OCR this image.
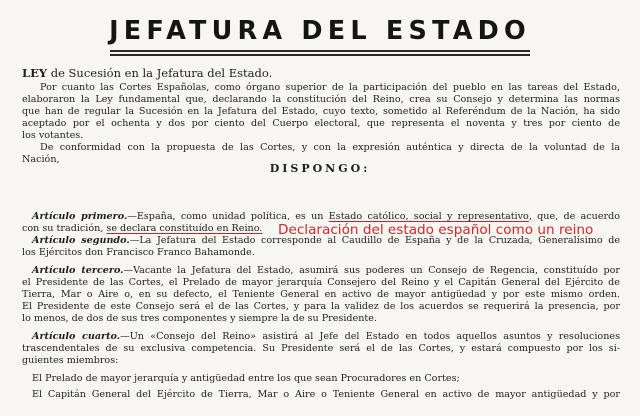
JEFATURA DEL ESTADO
LEY de Sucesión en la Jefatura del Estado.
Por cuanto las Cortes Españolas, como órgano superior de la participación del pueblo en las tareas del Estado,
elaboraron la Ley fundamental que, declarando la constitución del Reino, crea su Consejo y determina las normas
que han de regular la Sucesión en la Jefatura del Estado, cuyo texto, sometido al Referéndum de la Nación, ha sido
aceptado por el ochenta y dos por ciento del Cuerpo electoral, que representa el noventa y tres por ciento de
los votantes.
De conformidad con la propuesta de las Cortes, y con la expresión auténtica y directa de la voluntad de la
Nación,
DISPONGO:
Artículo primero.—España, como unidad política, es un Estado católico, social y representativo, que, de acuerdo
con su tradición, se declara constituído en Reino. Declaración del estado español como un reino
Artículo segundo.—La Jefatura del Estado corresponde al Caudillo de España y de la Cruzada, Generalísimo de
los Ejércitos don Francisco Franco Bahamonde.
Artículo tercero.—Vacante la Jefatura del Estado, asumirá sus poderes un Consejo de Regencia, constituído por
el Presidente de las Cortes, el Prelado de mayor jerarquía Consejero del Reino y el Capitán General del Ejército de
Tierra, Mar o Aire o, en su defecto, el Teniente General en activo de mayor antigüedad y por este mismo orden.
El Presidente de este Consejo será el de las Cortes, y para la validez de los acuerdos se requerirá la presencia, por
lo menos, de dos de sus tres componentes y siempre la de su Presidente.
Artículo cuarto.—Un «Consejo del Reino» asistirá al Jefe del Estado en todos aquellos asuntos y resoluciones
trascendentales de su exclusiva competencia. Su Presidente será el de las Cortes, y estará compuesto por los si-
guientes miembros:
El Prelado de mayor jerarquía y antigüedad entre los que sean Procuradores en Cortes;
El Capitán General del Ejército de Tierra, Mar o Aire o Teniente General en activo de mayor antigüedad y por
